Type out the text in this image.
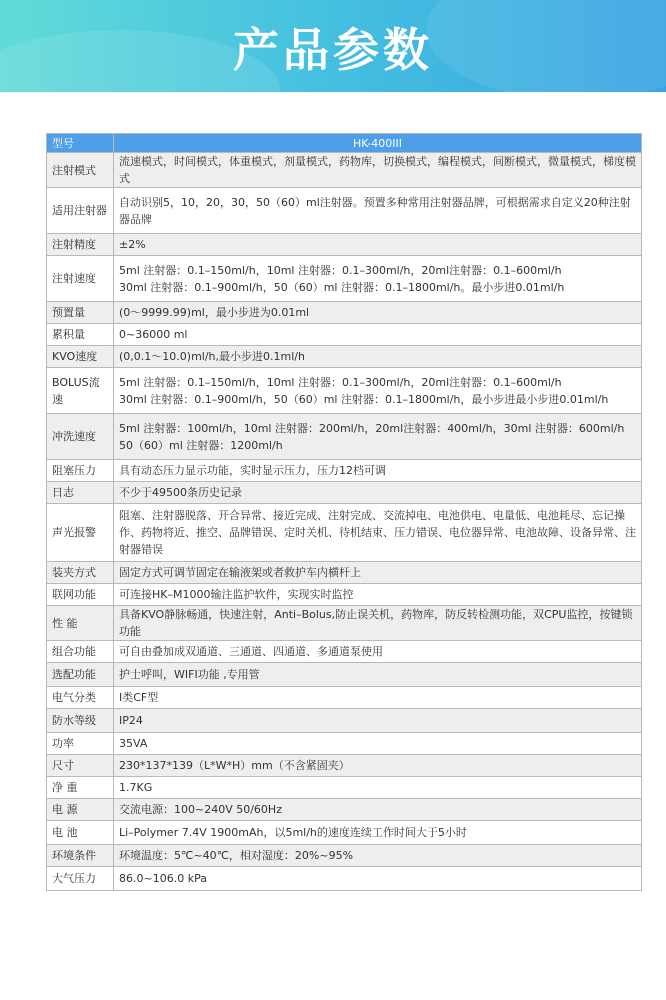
产品参数
型号	HK-400III
注射模式	流速模式，时间模式，体重模式，剂量模式，药物库，切换模式，编程模式，间断模式，微量模式，梯度模式

适用注射器	自动识别5，10，20，30，50（60）ml注射器。预置多种常用注射器品牌，可根据需求自定义20种注射器品牌

注射精度	±2%

注射速度	5ml 注射器：0.1–150ml/h，10ml 注射器：0.1–300ml/h，20ml注射器：0.1–600ml/h
30ml 注射器：0.1–900ml/h，50（60）ml 注射器：0.1–1800ml/h。最小步进0.01ml/h

预置量	(0～9999.99)ml，最小步进为0.01ml

累积量	0~36000 ml

KVO速度	(0,0.1～10.0)ml/h,最小步进0.1ml/h

BOLUS流速	5ml 注射器：0.1–150ml/h，10ml 注射器：0.1–300ml/h，20ml注射器：0.1–600ml/h
30ml 注射器：0.1–900ml/h，50（60）ml 注射器：0.1–1800ml/h，最小步进最小步进0.01ml/h

冲洗速度	5ml 注射器：100ml/h，10ml 注射器：200ml/h，20ml注射器：400ml/h，30ml 注射器：600ml/h
50（60）ml 注射器：1200ml/h

阻塞压力	具有动态压力显示功能，实时显示压力，压力12档可调

日志	不少于49500条历史记录

声光报警	阻塞、注射器脱落、开合异常、接近完成、注射完成、交流掉电、电池供电、电量低、电池耗尽、忘记操作、药物将近、推空、品牌错误、定时关机、待机结束、压力错误、电位器异常、电池故障、设备异常、注射器错误

装夹方式	固定方式可调节固定在输液架或者救护车内横杆上

联网功能	可连接HK–M1000输注监护软件，实现实时监控

性 能	具备KVO静脉畅通，快速注射，Anti–Bolus,防止误关机，药物库，防反转检测功能，双CPU监控，按键锁功能

组合功能	可自由叠加成双通道、三通道、四通道、多通道泵使用

选配功能	护士呼叫，WIFI功能 ,专用管

电气分类	I类CF型

防水等级	IP24

功率	35VA

尺寸	230*137*139（L*W*H）mm（不含紧固夹）

净 重	1.7KG

电 源	交流电源：100~240V 50/60Hz

电 池	Li–Polymer 7.4V 1900mAh，以5ml/h的速度连续工作时间大于5小时

环境条件	环境温度：5℃~40℃，相对湿度：20%~95%

大气压力	86.0~106.0 kPa
